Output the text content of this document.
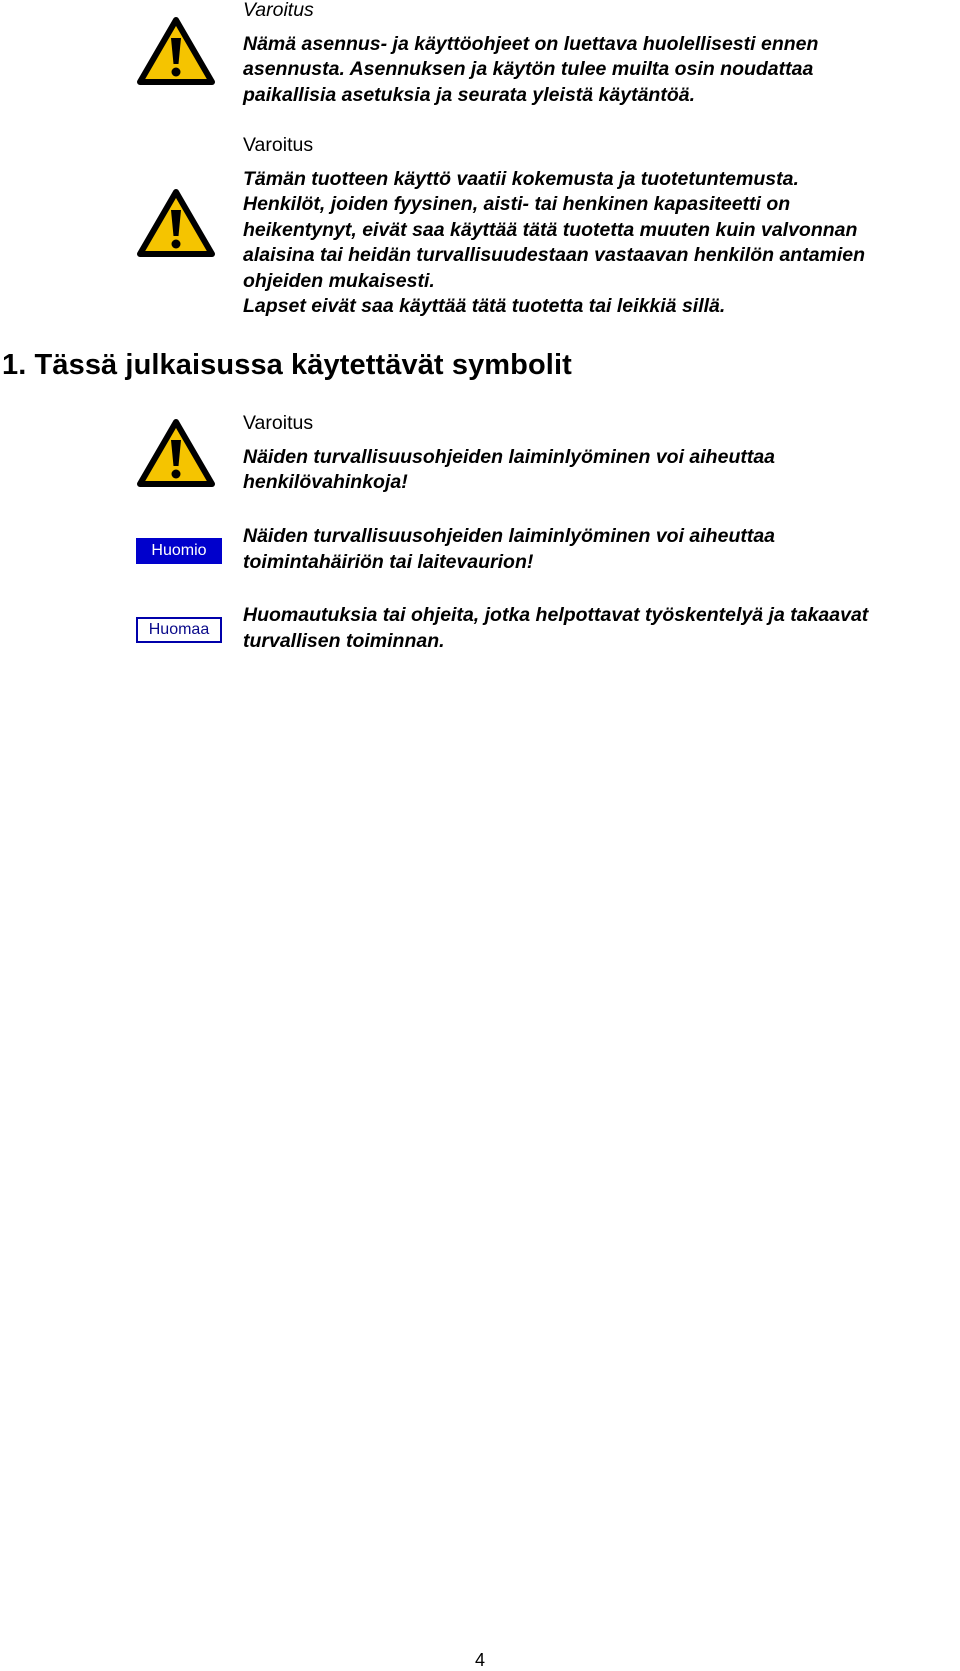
Varoitus

Nämä asennus- ja käyttöohjeet on luettava huolellisesti ennen

asennusta. Asennuksen ja käytön tulee muilta osin noudattaa

paikallisia asetuksia ja seurata yleistä käytäntöä.

Varoitus

Tämän tuotteen käyttö vaatii kokemusta ja tuotetuntemusta.

Henkilöt, joiden fyysinen, aisti- tai henkinen kapasiteetti on

heikentynyt, eivät saa käyttää tätä tuotetta muuten kuin valvonnan

alaisina tai heidän turvallisuudestaan vastaavan henkilön antamien

ohjeiden mukaisesti.

Lapset eivät saa käyttää tätä tuotetta tai leikkiä sillä.

1. Tässä julkaisussa käytettävät symbolit

Varoitus

Näiden turvallisuusohjeiden laiminlyöminen voi aiheuttaa

henkilövahinkoja!

Huomio

Näiden turvallisuusohjeiden laiminlyöminen voi aiheuttaa

toimintahäiriön tai laitevaurion!

Huomaa

Huomautuksia tai ohjeita, jotka helpottavat työskentelyä ja takaavat

turvallisen toiminnan.

4
